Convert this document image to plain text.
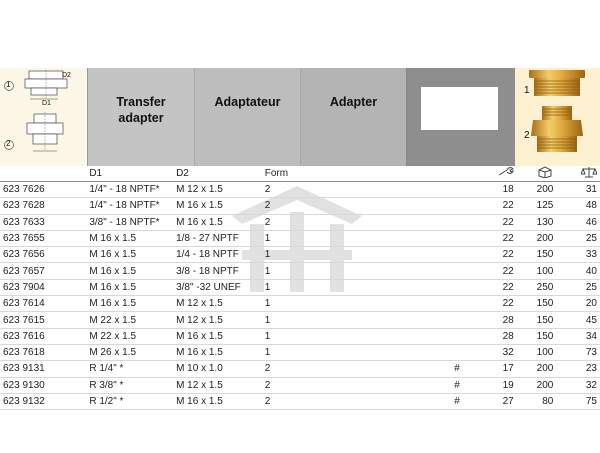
1
2
D1
D2
Transfer adapter
Adaptateur	Adapter
1
2
	D1	D2	Form					
623 7626	1/4" - 18 NPTF*	M 12 x 1.5	2			18	200	31
623 7628	1/4" - 18 NPTF*	M 16 x 1.5	2			22	125	48
623 7633	3/8" - 18 NPTF*	M 16 x 1.5	2			22	130	46
623 7655	M 16 x 1.5	1/8 - 27 NPTF	1			22	200	25
623 7656	M 16 x 1.5	1/4 - 18 NPTF	1			22	150	33
623 7657	M 16 x 1.5	3/8 - 18 NPTF	1			22	100	40
623 7904	M 16 x 1.5	3/8" -32 UNEF	1			22	250	25
623 7614	M 16 x 1.5	M 12 x 1.5	1			22	150	20
623 7615	M 22 x 1.5	M 12 x 1.5	1			28	150	45
623 7616	M 22 x 1.5	M 16 x 1.5	1			28	150	34
623 7618	M 26 x 1.5	M 16 x 1.5	1			32	100	73
623 9131	R 1/4" *	M 10 x 1.0	2		#	17	200	23
623 9130	R 3/8" *	M 12 x 1.5	2		#	19	200	32
623 9132	R 1/2" *	M 16 x 1.5	2		#	27	80	75
